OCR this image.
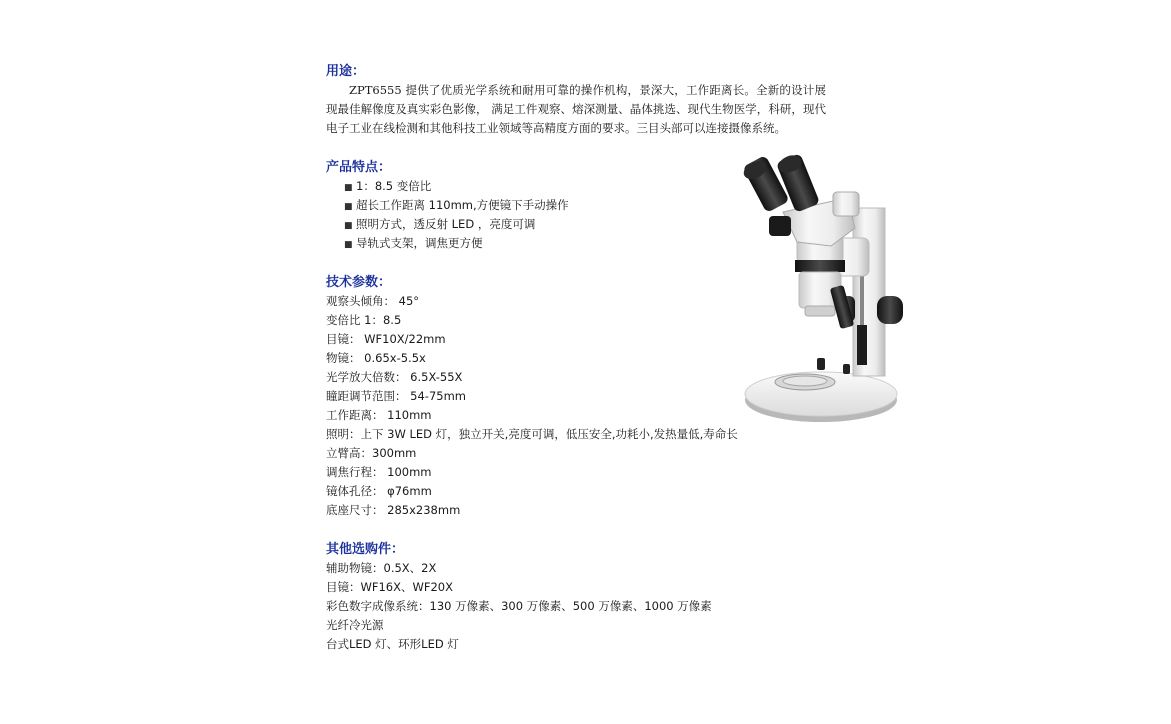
用途：
ZPT6555 提供了优质光学系统和耐用可靠的操作机构，景深大，工作距离长。全新的设计展现最佳解像度及真实彩色影像， 满足工件观察、熔深测量、晶体挑选、现代生物医学，科研，现代电子工业在线检测和其他科技工业领域等高精度方面的要求。三目头部可以连接摄像系统。
产品特点：
■ 1：8.5 变倍比
■ 超长工作距离 110mm,方便镜下手动操作
■ 照明方式，透反射 LED ，亮度可调
■ 导轨式支架，调焦更方便
技术参数：
观察头倾角： 45°
变倍比 1：8.5
目镜： WF10X/22mm
物镜： 0.65x-5.5x
光学放大倍数： 6.5X-55X
瞳距调节范围： 54-75mm
工作距离： 110mm
照明：上下 3W LED 灯，独立开关,亮度可调，低压安全,功耗小,发热量低,寿命长
立臂高：300mm
调焦行程： 100mm
镜体孔径： φ76mm
底座尺寸： 285x238mm
其他选购件：
辅助物镜：0.5X、2X
目镜：WF16X、WF20X
彩色数字成像系统：130 万像素、300 万像素、500 万像素、1000 万像素
光纤冷光源
台式LED 灯、环形LED 灯
